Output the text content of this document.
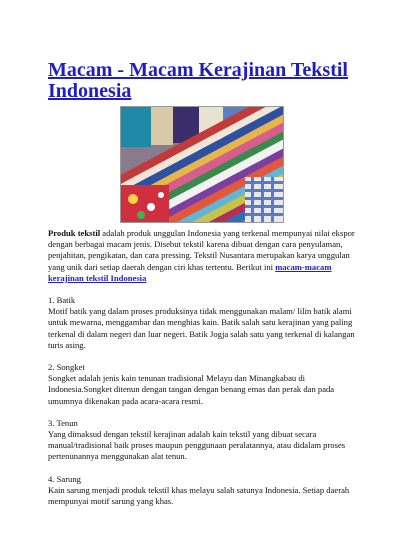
Macam - Macam Kerajinan Tekstil Indonesia

Produk tekstil adalah produk unggulan Indonesia yang terkenal mempunyai nilai ekspor dengan berbagai macam jenis. Disebut tekstil karena dibuat dengan cara penyulaman, penjahitan, pengikatan, dan cara pressing. Tekstil Nusantara merupakan karya unggulan yang unik dari setiap daerah dengan ciri khas tertentu. Berikut ini macam-macam kerajinan tekstil Indonesia

1. Batik
Motif batik yang dalam proses produksinya tidak menggunakan malam/ lilin batik alami untuk mewarna, menggambar dan menghias kain. Batik salah satu kerajinan yang paling terkenal di dalam negeri dan luar negeri. Batik Jogja salah satu yang terkenal di kalangan turis asing.

2. Songket
Songket adalah jenis kain tenunan tradisional Melayu dan Minangkabau di Indonesia.Songket ditenun dengan tangan dengan benang emas dan perak dan pada umumnya dikenakan pada acara-acara resmi.

3. Tenun
Yang dimaksud dengan tekstil kerajinan adalah kain tekstil yang dibuat secara manual/tradisional baik proses maupun penggunaan peralatannya, atau didalam proses pertenunannya menggunakan alat tenun.

4. Sarung
Kain sarung menjadi produk tekstil khas melayu salah satunya Indonesia. Setiap daerah mempunyai motif sarung yang khas.
